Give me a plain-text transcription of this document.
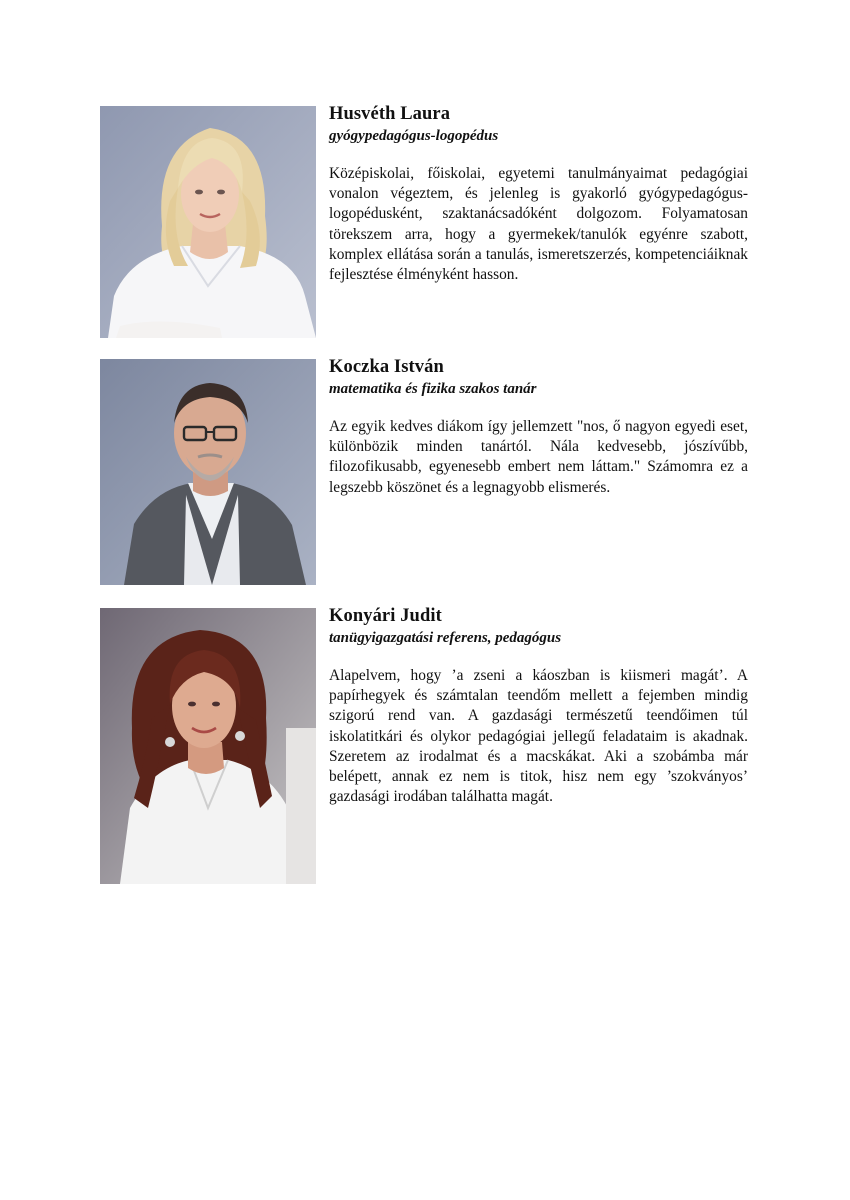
Husvéth Laura

gyógypedagógus-logopédus

Középiskolai, főiskolai, egyetemi tanulmányaimat pedagógiai vonalon végeztem, és jelenleg is gyakorló gyógypedagógus-logopédusként, szaktanácsadóként dolgozom. Folyamatosan törekszem arra, hogy a gyermekek/tanulók egyénre szabott, komplex ellátása során a tanulás, ismeretszerzés, kompetenciáiknak fejlesztése élményként hasson.

Koczka István

matematika és fizika szakos tanár

Az egyik kedves diákom így jellemzett "nos, ő nagyon egyedi eset, különbözik minden tanártól. Nála kedvesebb, jószívűbb, filozofikusabb, egyenesebb embert nem láttam." Számomra ez a legszebb köszönet és a legnagyobb elismerés.

Konyári Judit

tanügyigazgatási referens, pedagógus

Alapelvem, hogy ’a zseni a káoszban is kiismeri magát’. A papírhegyek és számtalan teendőm mellett a fejemben mindig szigorú rend van. A gazdasági természetű teendőimen túl iskolatitkári és olykor pedagógiai jellegű feladataim is akadnak. Szeretem az irodalmat és a macskákat. Aki a szobámba már belépett, annak ez nem is titok, hisz nem egy ’szokványos’ gazdasági irodában találhatta magát.
